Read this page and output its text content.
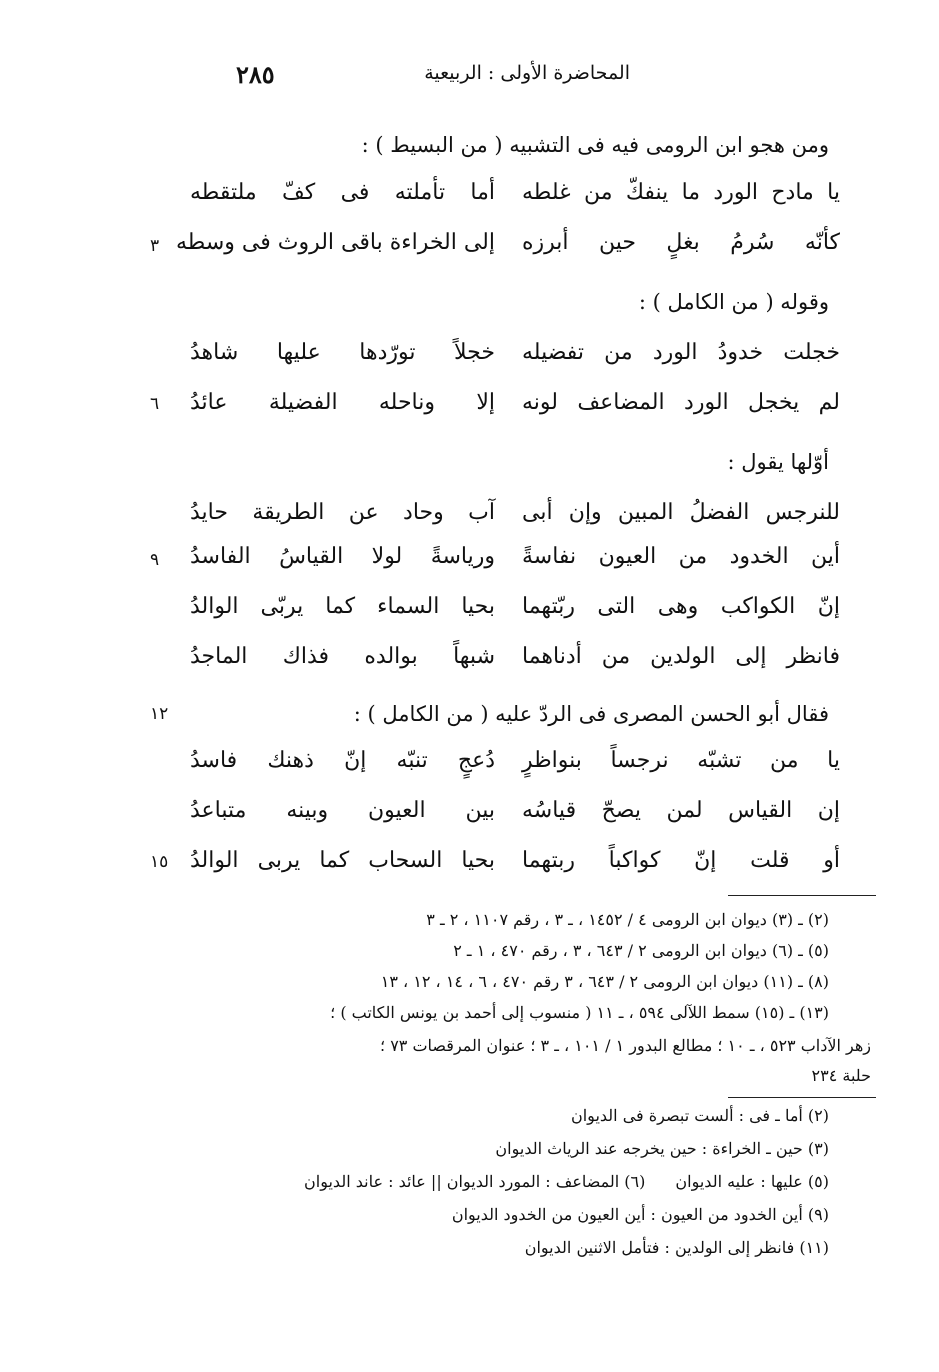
٢٨٥	المحاضرة الأولى : الربيعية
ومن هجو ابن الرومى فيه فى التشبيه ( من البسيط ) :
يا مادح الورد ما ينفكّ من غلطه
أما تأملته فى كفّ ملتقطه
كأنّه سُرمُ بغلٍ حين أبرزه
إلى الخراءة باقى الروث فى وسطه
٣
وقوله ( من الكامل ) :
خجلت خدودُ الورد من تفضيله
خجلاً تورّدها عليها شاهدُ
لم يخجل الورد المضاعف لونه
إلا وناحله الفضيلة عائدُ
٦
أوّلها يقول :
للنرجس الفضلُ المبين وإن أبى
آب وحاد عن الطريقة حايدُ
أين الخدود من العيون نفاسةً
ورياسةً لولا القياسُ الفاسدُ
٩
إنّ الكواكب وهى التى ربّتهما
بحيا السماء كما يربّى الوالدُ
فانظر إلى الولدين من أدناهما
شبهاً بوالده فذاك الماجدُ
فقال أبو الحسن المصرى فى الردّ عليه ( من الكامل ) :
١٢
يا من تشبّه نرجساً بنواظرٍ
دُعجٍ تنبّه إنّ ذهنك فاسدُ
إن القياس لمن يصحّ قياسُه
بين العيون وبينه متباعدُ
أو قلت إنّ كواكباً ربتهما
بحيا السحاب كما يربى الوالدُ
١٥
(٢) ـ (٣) ديوان ابن الرومى ٤ / ١٤٥٢ ، ـ ٣ ، رقم ١١٠٧ ، ٢ ـ ٣
(٥) ـ (٦) ديوان ابن الرومى ٢ / ٦٤٣ ، ٣ ، رقم ٤٧٠ ، ١ ـ ٢
(٨) ـ (١١) ديوان ابن الرومى ٢ / ٦٤٣ ، ٣ رقم ٤٧٠ ، ٦ ، ١٤ ، ١٢ ، ١٣
(١٣) ـ (١٥) سمط اللآلى ٥٩٤ ، ـ ١١ ( منسوب إلى أحمد بن يونس الكاتب ) ؛
زهر الآداب ٥٢٣ ، ـ ١٠ ؛ مطالع البدور ١ / ١٠١ ، ـ ٣ ؛ عنوان المرقصات ٧٣ ؛
حلبة ٢٣٤
(٢) أما ـ فى : ألست تبصرة فى الديوان
(٣) حين ـ الخراءة : حين يخرجه عند الرياث الديوان
(٥) عليها : عليه الديوان(٦) المضاعف : المورد الديوان || عائد : عاند الديوان
(٩) أين الخدود من العيون : أين العيون من الخدود الديوان
(١١) فانظر إلى الولدين : فتأمل الاثنين الديوان
